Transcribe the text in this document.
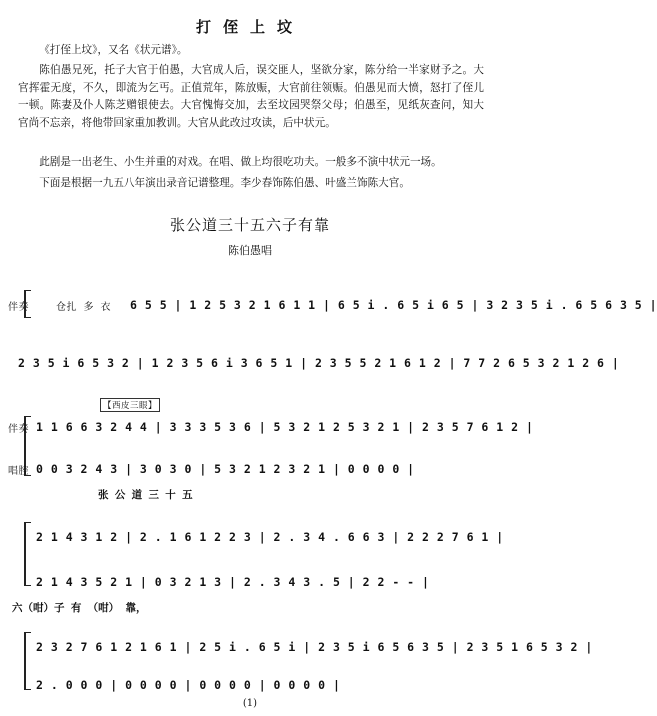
打侄上坟

《打侄上坟》，又名《状元谱》。

陈伯愚兄死，托子大官于伯愚，大官成人后，误交匪人，坚欲分家，陈分给一半家财予之。大官挥霍无度，不久，即流为乞丐。正值荒年，陈放赈，大官前往领赈。伯愚见而大愤，怒打了侄儿一顿。陈妻及仆人陈芝赠银使去。大官愧悔交加，去至坟园哭祭父母；伯愚至，见纸灰查问，知大官尚不忘亲，将他带回家重加教训。大官从此改过攻读，后中状元。

此剧是一出老生、小生并重的对戏。在唱、做上均很吃功夫。一般多不演中状元一场。

下面是根据一九五八年演出录音记谱整理。李少春饰陈伯愚、叶盛兰饰陈大官。

张公道三十五六子有靠
陈伯愚唱
伴奏	仓扎 多 衣 6 5 5 | 1 2 5 3 2 1 6 1 1 | 6 5 i . 6 5 i 6 5 | 3 2 3 5 i . 6 5 6 3 5 |
2 3 5 i 6 5 3 2 | 1 2 3 5 6 i 3 6 5 1 | 2 3 5 5 2 1 6 1 2 | 7 7 2 6 5 3 2 1 2 6 |
【西皮三眼】
伴奏 1 1 6 6 3 2 4 4 | 3 3 3 5 3 6 | 5 3 2 1 2 5 3 2 1 | 2 3 5 7 6 1 2 |
唱腔 0 0 3 2 4 3 | 3 0 3 0 | 5 3 2 1 2 3 2 1 | 0 0 0 0 |
张 公 道 三 十 五
2 1 4 3 1 2 | 2 . 1 6 1 2 2 3 | 2 . 3 4 . 6 6 3 | 2 2 2 7 6 1 |
2 1 4 3 5 2 1 | 0 3 2 1 3 | 2 . 3 4 3 . 5 | 2 2 - - |
六（咁）子 有 （咁） 靠，
2 3 2 7 6 1 2 1 6 1 | 2 5 i . 6 5 i | 2 3 5 i 6 5 6 3 5 | 2 3 5 1 6 5 3 2 |
2 . 0 0 0 | 0 0 0 0 | 0 0 0 0 | 0 0 0 0 |
(1)
